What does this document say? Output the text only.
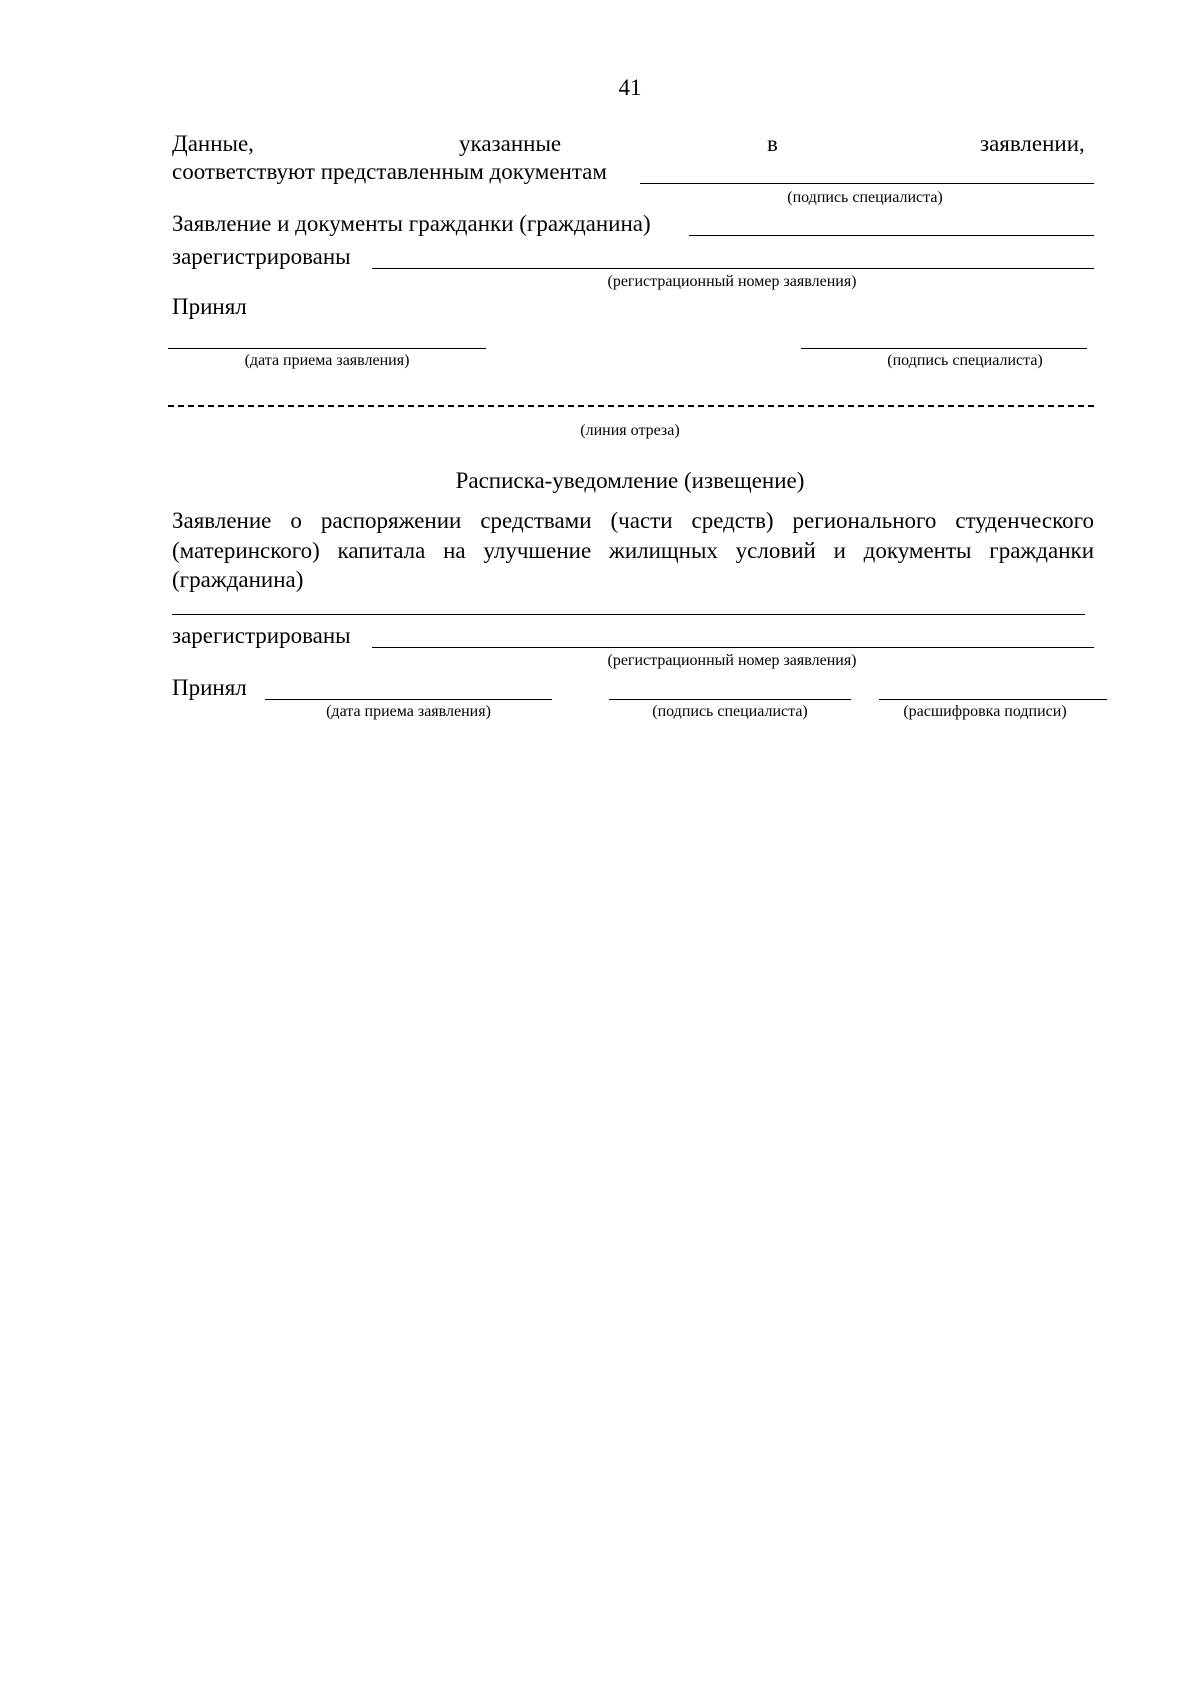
41
Данные,	указанные	в	заявлении,
соответствуют представленным документам
(подпись специалиста)
Заявление и документы гражданки (гражданина)
зарегистрированы
(регистрационный номер заявления)
Принял
(дата приема заявления)	(подпись специалиста)
(линия отреза)
Расписка-уведомление (извещение)
Заявление о распоряжении средствами (части средств) регионального студенческого
(материнского) капитала на улучшение жилищных условий и документы гражданки
(гражданина)
зарегистрированы
(регистрационный номер заявления)
Принял
(дата приема заявления)	(подпись специалиста)	(расшифровка подписи)
